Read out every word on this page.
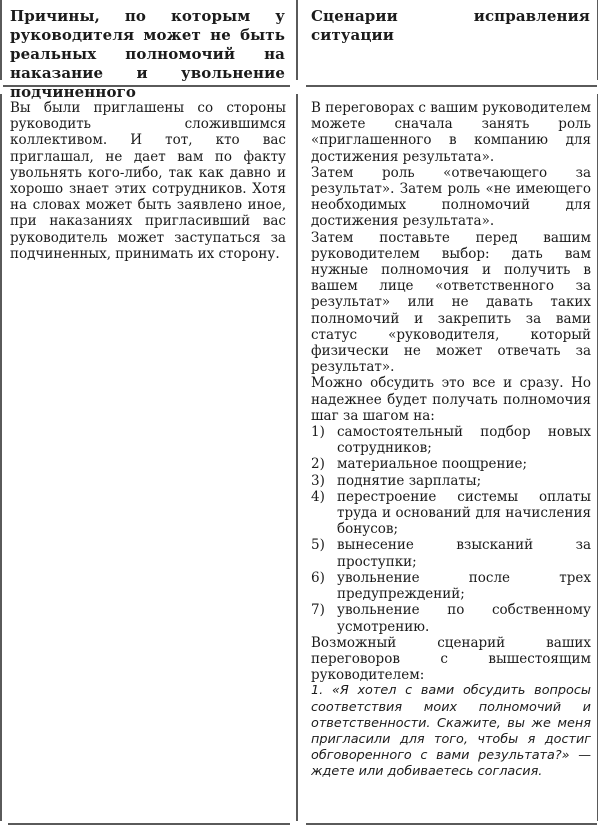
Причины, по которым у руководителя может не быть реальных полномочий на наказание и увольнение подчиненного
Сценарии исправления ситуации

Вы были приглашены со стороны руководить сложившимся коллективом. И тот, кто вас приглашал, не дает вам по факту увольнять кого-либо, так как давно и хорошо знает этих сотрудников. Хотя на словах может быть заявлено иное, при наказаниях пригласивший вас руководитель может заступаться за подчиненных, принимать их сторону.

В переговорах с вашим руководителем можете сначала занять роль «приглашенного в компанию для достижения результата».

Затем роль «отвечающего за результат». Затем роль «не имеющего необходимых полномочий для достижения результата».

Затем поставьте перед вашим руководителем выбор: дать вам нужные полномочия и получить в вашем лице «ответственного за результат» или не давать таких полномочий и закрепить за вами статус «руководителя, который физически не может отвечать за результат».

Можно обсудить это все и сразу. Но надежнее будет получать полномочия шаг за шагом на:

1) самостоятельный подбор новых сотрудников;
2) материальное поощрение;
3) поднятие зарплаты;
4) перестроение системы оплаты труда и оснований для начисления бонусов;
5) вынесение взысканий за проступки;
6) увольнение после трех предупреждений;
7) увольнение по собственному усмотрению.

Возможный сценарий ваших переговоров с вышестоящим руководителем:

1. «Я хотел с вами обсудить вопросы соответствия моих полномочий и ответственности. Скажите, вы же меня пригласили для того, чтобы я достиг обговоренного с вами результата?» — ждете или добиваетесь согласия.
